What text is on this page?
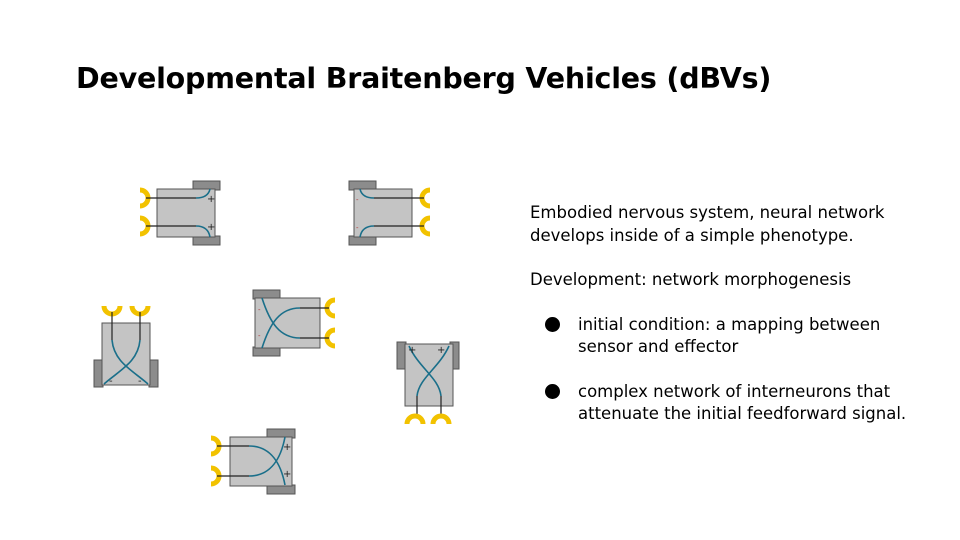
Developmental Braitenberg Vehicles (dBVs)
+
+
-
-
-	-
-
-
+ +
+
+

Embodied nervous system, neural network develops inside of a simple phenotype.

Development: network morphogenesis

initial condition: a mapping between sensor and effector
complex network of interneurons that attenuate the initial feedforward signal.
